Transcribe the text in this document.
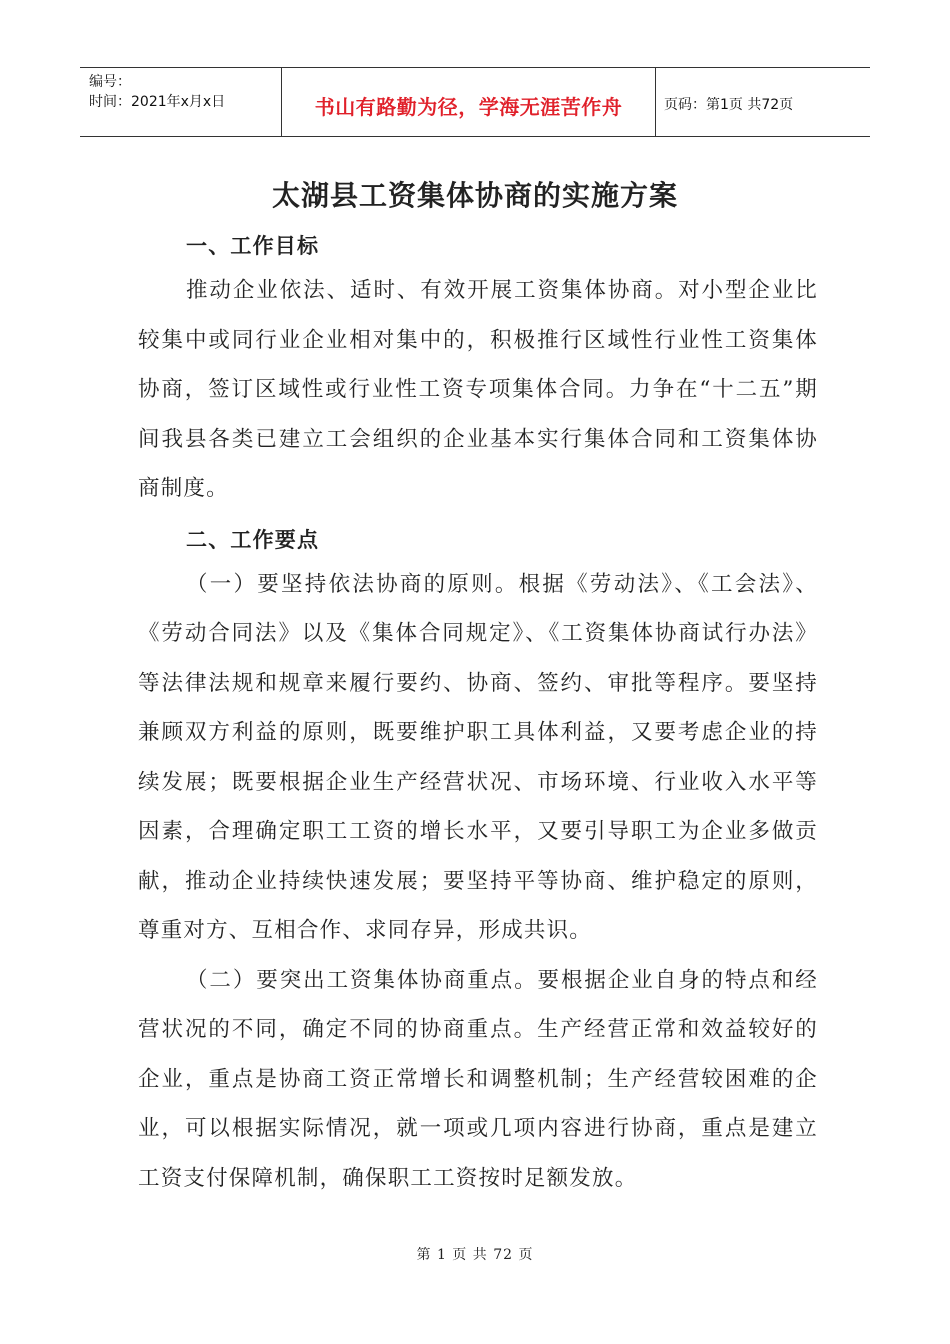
编号：
时间：2021年x月x日	书山有路勤为径，学海无涯苦作舟	页码：第1页 共72页
太湖县工资集体协商的实施方案
一、工作目标

推动企业依法、适时、有效开展工资集体协商。对小型企业比较集中或同行业企业相对集中的，积极推行区域性行业性工资集体协商，签订区域性或行业性工资专项集体合同。力争在“十二五”期间我县各类已建立工会组织的企业基本实行集体合同和工资集体协商制度。

二、工作要点

（一）要坚持依法协商的原则。根据《劳动法》、《工会法》、《劳动合同法》以及《集体合同规定》、《工资集体协商试行办法》等法律法规和规章来履行要约、协商、签约、审批等程序。要坚持兼顾双方利益的原则，既要维护职工具体利益，又要考虑企业的持续发展；既要根据企业生产经营状况、市场环境、行业收入水平等因素，合理确定职工工资的增长水平，又要引导职工为企业多做贡献，推动企业持续快速发展；要坚持平等协商、维护稳定的原则，尊重对方、互相合作、求同存异，形成共识。

（二）要突出工资集体协商重点。要根据企业自身的特点和经营状况的不同，确定不同的协商重点。生产经营正常和效益较好的企业，重点是协商工资正常增长和调整机制；生产经营较困难的企业，可以根据实际情况，就一项或几项内容进行协商，重点是建立工资支付保障机制，确保职工工资按时足额发放。

第 1 页 共 72 页
